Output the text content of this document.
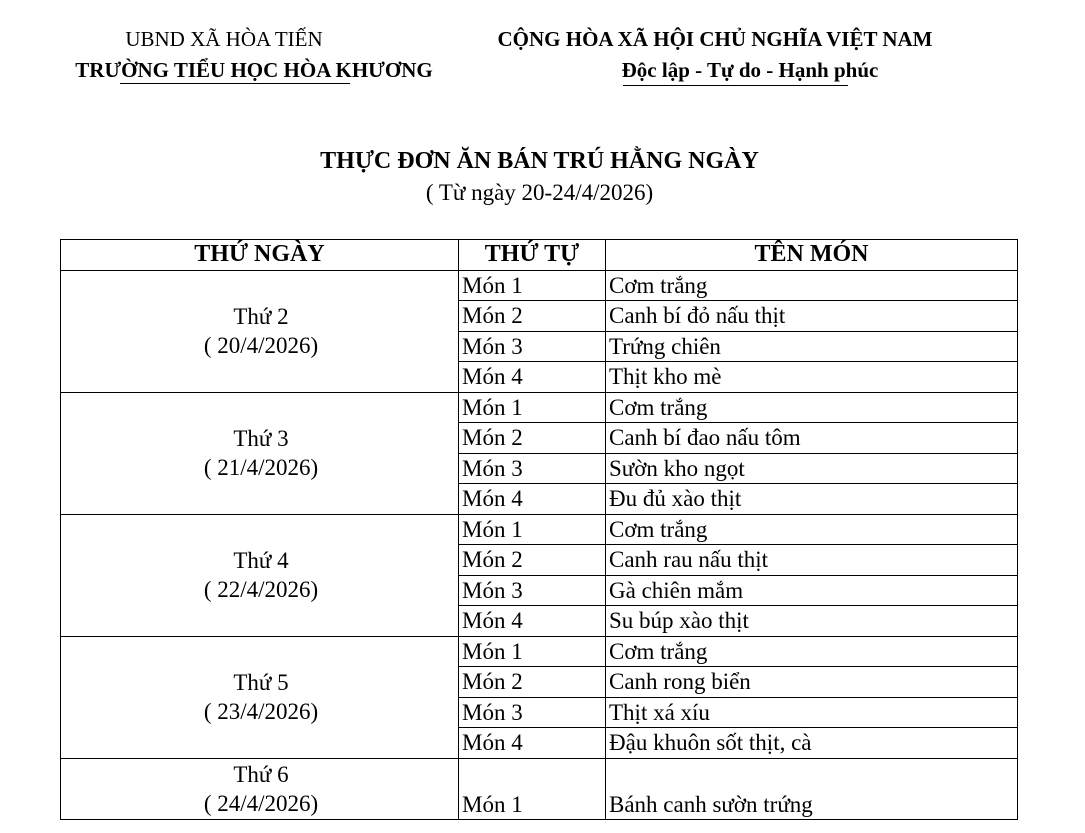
UBND XÃ HÒA TIẾN
TRƯỜNG TIỂU HỌC HÒA KHƯƠNG
CỘNG HÒA XÃ HỘI CHỦ NGHĨA VIỆT NAM
Độc lập - Tự do - Hạnh phúc
THỰC ĐƠN ĂN BÁN TRÚ HẰNG NGÀY
( Từ ngày 20-24/4/2026)
THỨ NGÀY	THỨ TỰ	TÊN MÓN

Thứ 2
( 20/4/2026)	Món 1	Cơm trắng
	Món 2	Canh bí đỏ nấu thịt
	Món 3	Trứng chiên
	Món 4	Thịt kho mè

Thứ 3
( 21/4/2026)	Món 1	Cơm trắng
	Món 2	Canh bí đao nấu tôm
	Món 3	Sườn kho ngọt
	Món 4	Đu đủ xào thịt

Thứ 4
( 22/4/2026)	Món 1	Cơm trắng
	Món 2	Canh rau nấu thịt
	Món 3	Gà chiên mắm
	Món 4	Su búp xào thịt

Thứ 5
( 23/4/2026)	Món 1	Cơm trắng
	Món 2	Canh rong biển
	Món 3	Thịt xá xíu
	Món 4	Đậu khuôn sốt thịt, cà

Thứ 6
( 24/4/2026)	Món 1	Bánh canh sườn trứng
